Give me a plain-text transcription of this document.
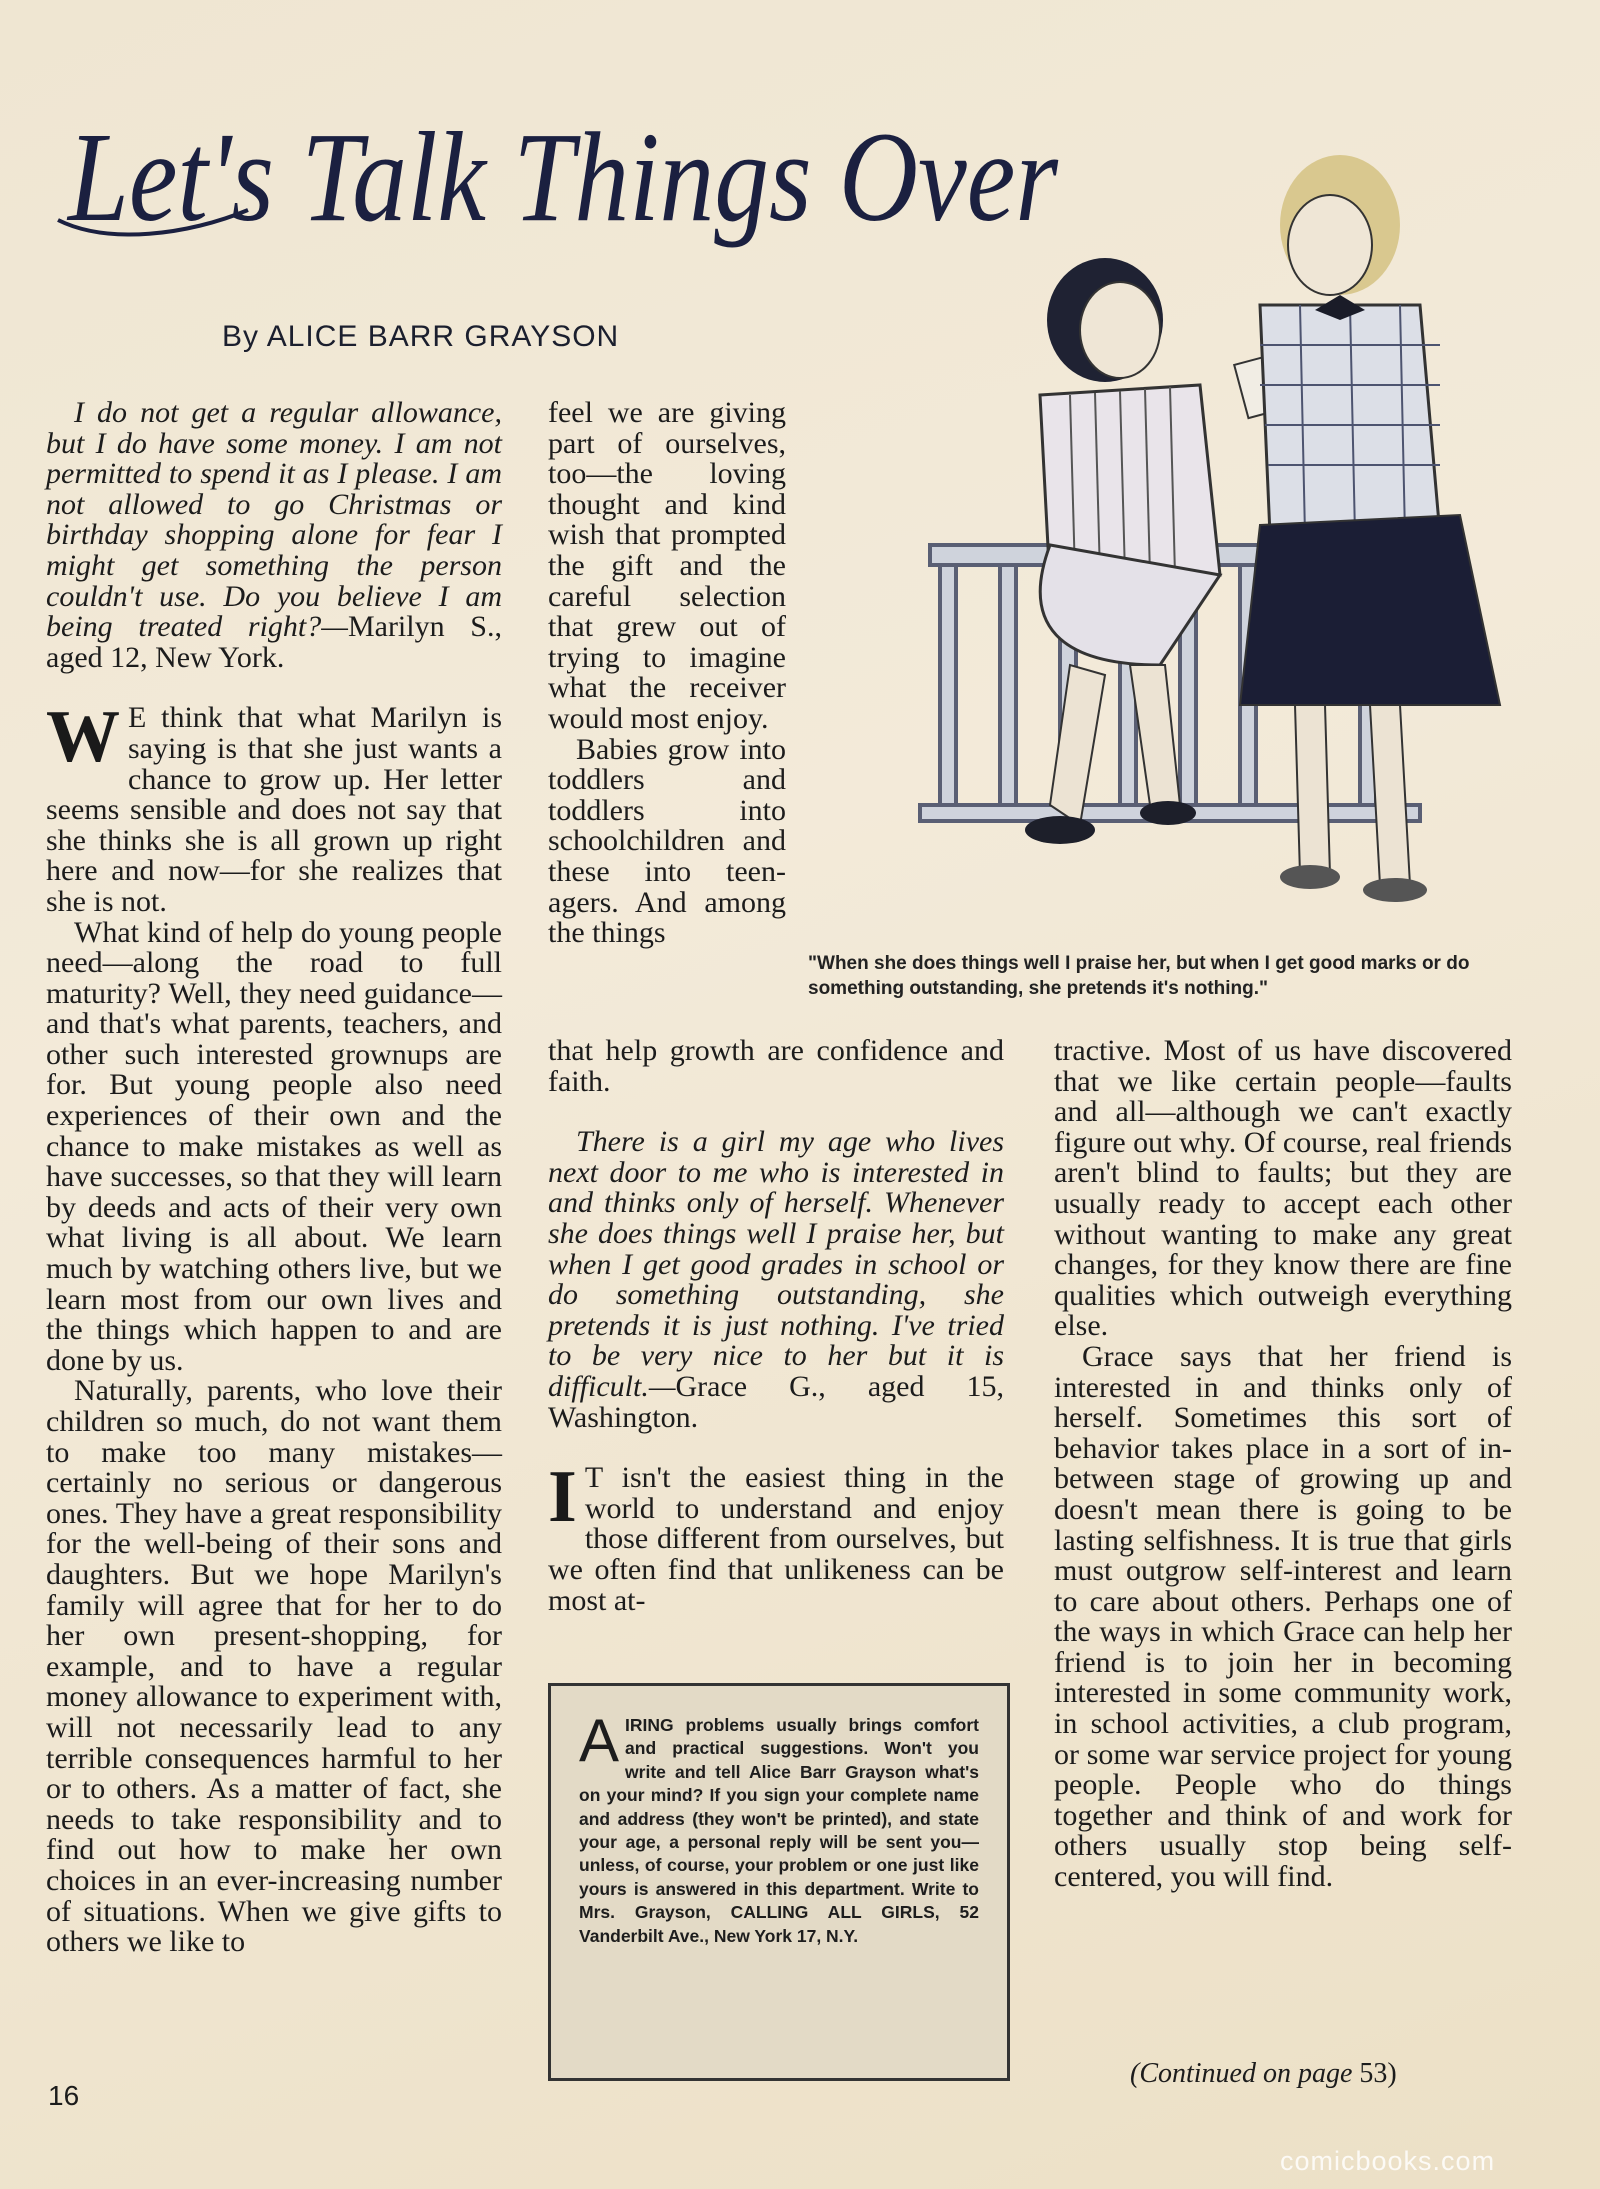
Let's Talk Things Over
By ALICE BARR GRAYSON
"When she does things well I praise her, but when I get good marks or do something outstanding, she pretends it's nothing."

I do not get a regular allowance, but I do have some money. I am not permitted to spend it as I please. I am not allowed to go Christmas or birthday shopping alone for fear I might get something the person couldn't use. Do you believe I am being treated right?—Marilyn S., aged 12, New York.

W E think that what Marilyn is saying is that she just wants a chance to grow up. Her letter seems sensible and does not say that she thinks she is all grown up right here and now—for she realizes that she is not.

What kind of help do young people need—along the road to full maturity? Well, they need guidance—and that's what parents, teachers, and other such interested grownups are for. But young people also need experiences of their own and the chance to make mistakes as well as have successes, so that they will learn by deeds and acts of their very own what living is all about. We learn much by watching others live, but we learn most from our own lives and the things which happen to and are done by us.

Naturally, parents, who love their children so much, do not want them to make too many mistakes—certainly no serious or dangerous ones. They have a great responsibility for the well-being of their sons and daughters. But we hope Marilyn's family will agree that for her to do her own present-shopping, for example, and to have a regular money allowance to experiment with, will not necessarily lead to any terrible consequences harmful to her or to others. As a matter of fact, she needs to take responsibility and to find out how to make her own choices in an ever-increasing number of situations. When we give gifts to others we like to

feel we are giving part of ourselves, too—the loving thought and kind wish that prompted the gift and the careful selection that grew out of trying to imagine what the receiver would most enjoy.

Babies grow into toddlers and toddlers into schoolchildren and these into teen-agers. And among the things

that help growth are confidence and faith.

There is a girl my age who lives next door to me who is interested in and thinks only of herself. Whenever she does things well I praise her, but when I get good grades in school or do something outstanding, she pretends it is just nothing. I've tried to be very nice to her but it is difficult.—Grace G., aged 15, Washington.

I T isn't the easiest thing in the world to understand and enjoy those different from ourselves, but we often find that unlikeness can be most at-

tractive. Most of us have discovered that we like certain people—faults and all—although we can't exactly figure out why. Of course, real friends aren't blind to faults; but they are usually ready to accept each other without wanting to make any great changes, for they know there are fine qualities which outweigh everything else.

Grace says that her friend is interested in and thinks only of herself. Sometimes this sort of behavior takes place in a sort of in-between stage of growing up and doesn't mean there is going to be lasting selfishness. It is true that girls must outgrow self-interest and learn to care about others. Perhaps one of the ways in which Grace can help her friend is to join her in becoming interested in some community work, in school activities, a club program, or some war service project for young people. People who do things together and think of and work for others usually stop being self-centered, you will find.

AIRING problems usually brings comfort and practical suggestions. Won't you write and tell Alice Barr Grayson what's on your mind? If you sign your complete name and address (they won't be printed), and state your age, a personal reply will be sent you—unless, of course, your problem or one just like yours is answered in this department. Write to Mrs. Grayson, CALLING ALL GIRLS, 52 Vanderbilt Ave., New York 17, N.Y.
(Continued on page 53)
16
comicbooks.com
